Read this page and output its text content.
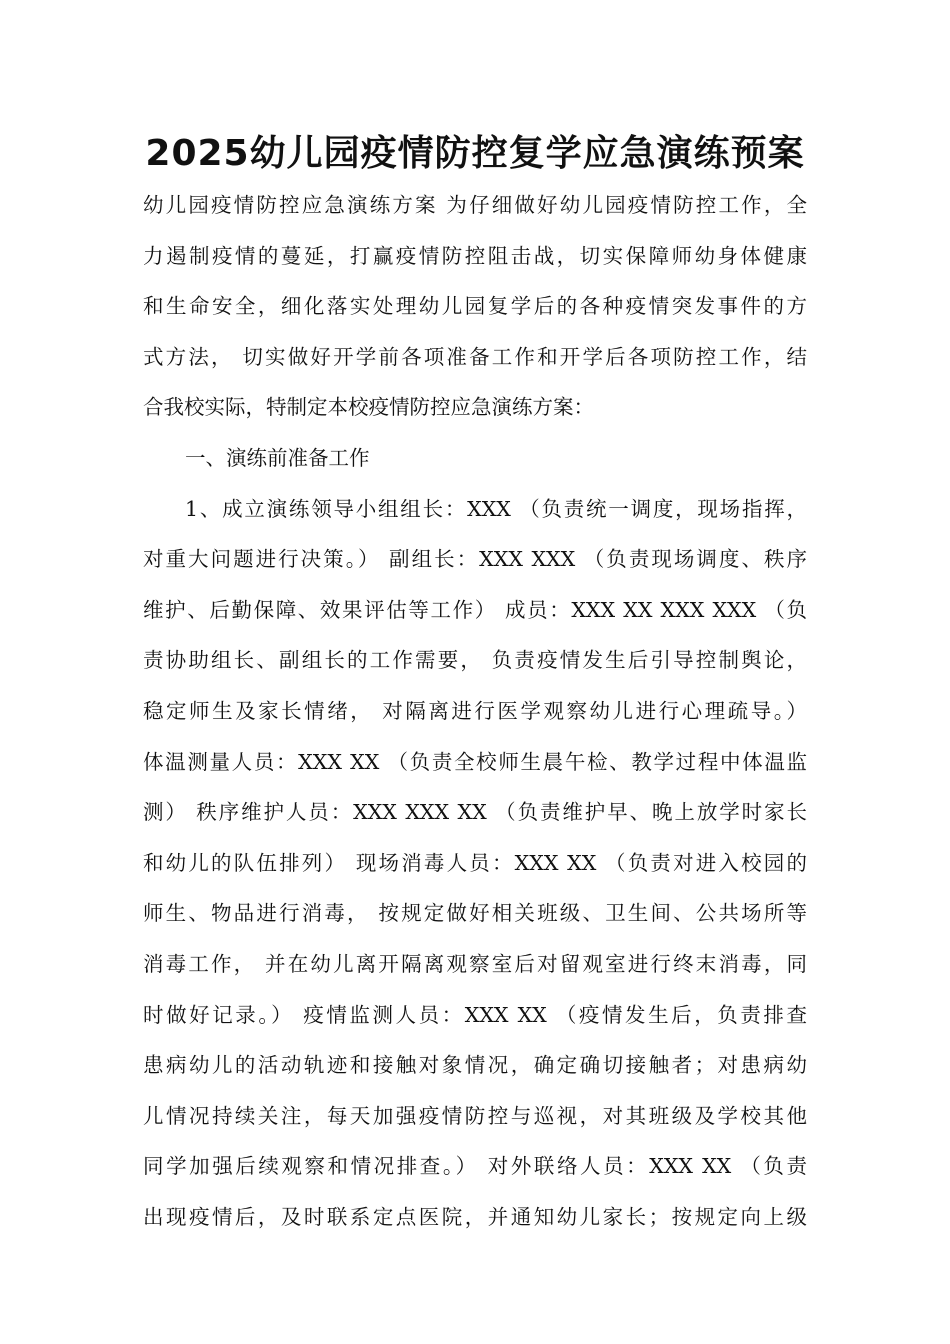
2025幼儿园疫情防控复学应急演练预案
幼儿园疫情防控应急演练方案 为仔细做好幼儿园疫情防控工作，全
力遏制疫情的蔓延，打赢疫情防控阻击战，切实保障师幼身体健康
和生命安全，细化落实处理幼儿园复学后的各种疫情突发事件的方
式方法， 切实做好开学前各项准备工作和开学后各项防控工作，结
合我校实际，特制定本校疫情防控应急演练方案：
一、演练前准备工作
1、成立演练领导小组组长：XXX （负责统一调度，现场指挥，
对重大问题进行决策。） 副组长：XXX XXX （负责现场调度、秩序
维护、后勤保障、效果评估等工作） 成员：XXX XX XXX XXX （负
责协助组长、副组长的工作需要， 负责疫情发生后引导控制舆论，
稳定师生及家长情绪， 对隔离进行医学观察幼儿进行心理疏导。）
体温测量人员：XXX XX （负责全校师生晨午检、教学过程中体温监
测） 秩序维护人员：XXX XXX XX （负责维护早、晚上放学时家长
和幼儿的队伍排列） 现场消毒人员：XXX XX （负责对进入校园的
师生、物品进行消毒， 按规定做好相关班级、卫生间、公共场所等
消毒工作， 并在幼儿离开隔离观察室后对留观室进行终末消毒，同
时做好记录。） 疫情监测人员：XXX XX （疫情发生后，负责排查
患病幼儿的活动轨迹和接触对象情况，确定确切接触者；对患病幼
儿情况持续关注，每天加强疫情防控与巡视，对其班级及学校其他
同学加强后续观察和情况排查。） 对外联络人员：XXX XX （负责
出现疫情后，及时联系定点医院，并通知幼儿家长；按规定向上级
